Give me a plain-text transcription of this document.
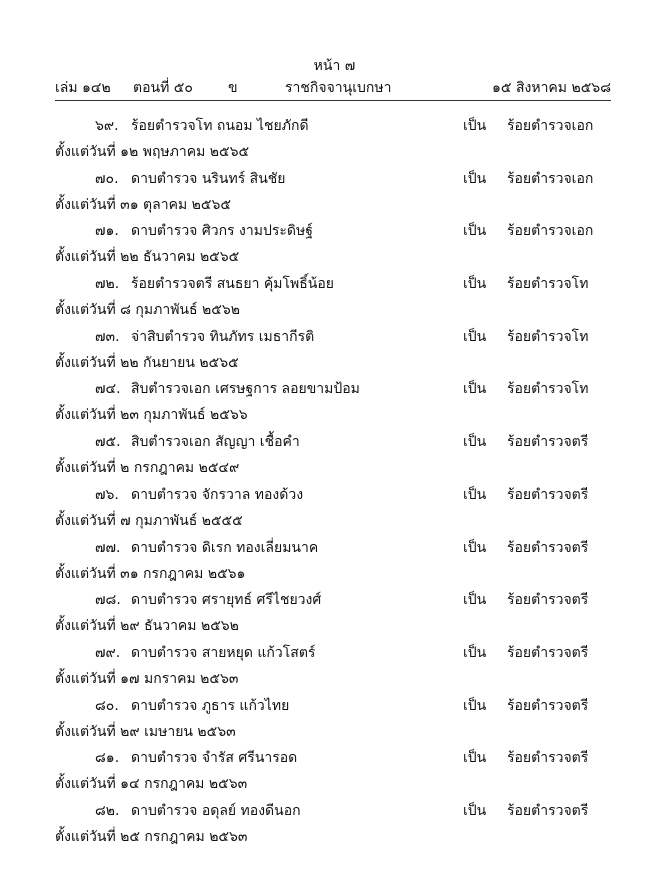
หน้า ๗
เล่ม ๑๔๒ ตอนที่ ๕๐	ข	ราชกิจจานุเบกษา	๑๕ สิงหาคม ๒๕๖๘
๖๙. ร้อยตำรวจโท ถนอม ไชยภักดี	เป็น ร้อยตำรวจเอก
ตั้งแต่วันที่ ๑๒ พฤษภาคม ๒๕๖๕
๗๐. ดาบตำรวจ นรินทร์ สินชัย	เป็น ร้อยตำรวจเอก
ตั้งแต่วันที่ ๓๑ ตุลาคม ๒๕๖๕
๗๑. ดาบตำรวจ ศิวกร งามประดิษฐ์	เป็น ร้อยตำรวจเอก
ตั้งแต่วันที่ ๒๒ ธันวาคม ๒๕๖๕
๗๒. ร้อยตำรวจตรี สนธยา คุ้มโพธิ์น้อย	เป็น ร้อยตำรวจโท
ตั้งแต่วันที่ ๘ กุมภาพันธ์ ๒๕๖๒
๗๓. จ่าสิบตำรวจ ทินภัทร เมธากีรติ	เป็น ร้อยตำรวจโท
ตั้งแต่วันที่ ๒๒ กันยายน ๒๕๖๕
๗๔. สิบตำรวจเอก เศรษฐการ ลอยขามป้อม	เป็น ร้อยตำรวจโท
ตั้งแต่วันที่ ๒๓ กุมภาพันธ์ ๒๕๖๖
๗๕. สิบตำรวจเอก สัญญา เชื้อคำ	เป็น ร้อยตำรวจตรี
ตั้งแต่วันที่ ๒ กรกฎาคม ๒๕๔๙
๗๖. ดาบตำรวจ จักรวาล ทองด้วง	เป็น ร้อยตำรวจตรี
ตั้งแต่วันที่ ๗ กุมภาพันธ์ ๒๕๕๕
๗๗. ดาบตำรวจ ดิเรก ทองเลี่ยมนาค	เป็น ร้อยตำรวจตรี
ตั้งแต่วันที่ ๓๑ กรกฎาคม ๒๕๖๑
๗๘. ดาบตำรวจ ศรายุทธ์ ศรีไชยวงศ์	เป็น ร้อยตำรวจตรี
ตั้งแต่วันที่ ๒๙ ธันวาคม ๒๕๖๒
๗๙. ดาบตำรวจ สายหยุด แก้วโสตร์	เป็น ร้อยตำรวจตรี
ตั้งแต่วันที่ ๑๗ มกราคม ๒๕๖๓
๘๐. ดาบตำรวจ ภูธาร แก้วไทย	เป็น ร้อยตำรวจตรี
ตั้งแต่วันที่ ๒๙ เมษายน ๒๕๖๓
๘๑. ดาบตำรวจ จำรัส ศรีนารอด	เป็น ร้อยตำรวจตรี
ตั้งแต่วันที่ ๑๔ กรกฎาคม ๒๕๖๓
๘๒. ดาบตำรวจ อดุลย์ ทองดีนอก	เป็น ร้อยตำรวจตรี
ตั้งแต่วันที่ ๒๕ กรกฎาคม ๒๕๖๓
